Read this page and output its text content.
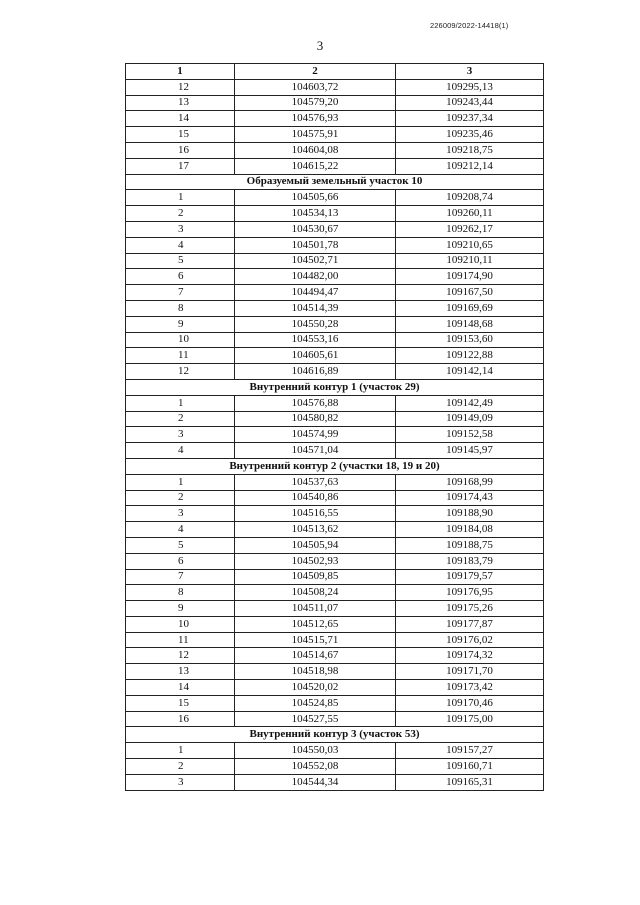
226009/2022-14418(1)
3
1	2	3
12	104603,72	109295,13
13	104579,20	109243,44
14	104576,93	109237,34
15	104575,91	109235,46
16	104604,08	109218,75
17	104615,22	109212,14
Образуемый земельный участок 10		
1	104505,66	109208,74
2	104534,13	109260,11
3	104530,67	109262,17
4	104501,78	109210,65
5	104502,71	109210,11
6	104482,00	109174,90
7	104494,47	109167,50
8	104514,39	109169,69
9	104550,28	109148,68
10	104553,16	109153,60
11	104605,61	109122,88
12	104616,89	109142,14
Внутренний контур 1 (участок 29)		
1	104576,88	109142,49
2	104580,82	109149,09
3	104574,99	109152,58
4	104571,04	109145,97
Внутренний контур 2 (участки 18, 19 и 20)		
1	104537,63	109168,99
2	104540,86	109174,43
3	104516,55	109188,90
4	104513,62	109184,08
5	104505,94	109188,75
6	104502,93	109183,79
7	104509,85	109179,57
8	104508,24	109176,95
9	104511,07	109175,26
10	104512,65	109177,87
11	104515,71	109176,02
12	104514,67	109174,32
13	104518,98	109171,70
14	104520,02	109173,42
15	104524,85	109170,46
16	104527,55	109175,00
Внутренний контур 3 (участок 53)		
1	104550,03	109157,27
2	104552,08	109160,71
3	104544,34	109165,31
